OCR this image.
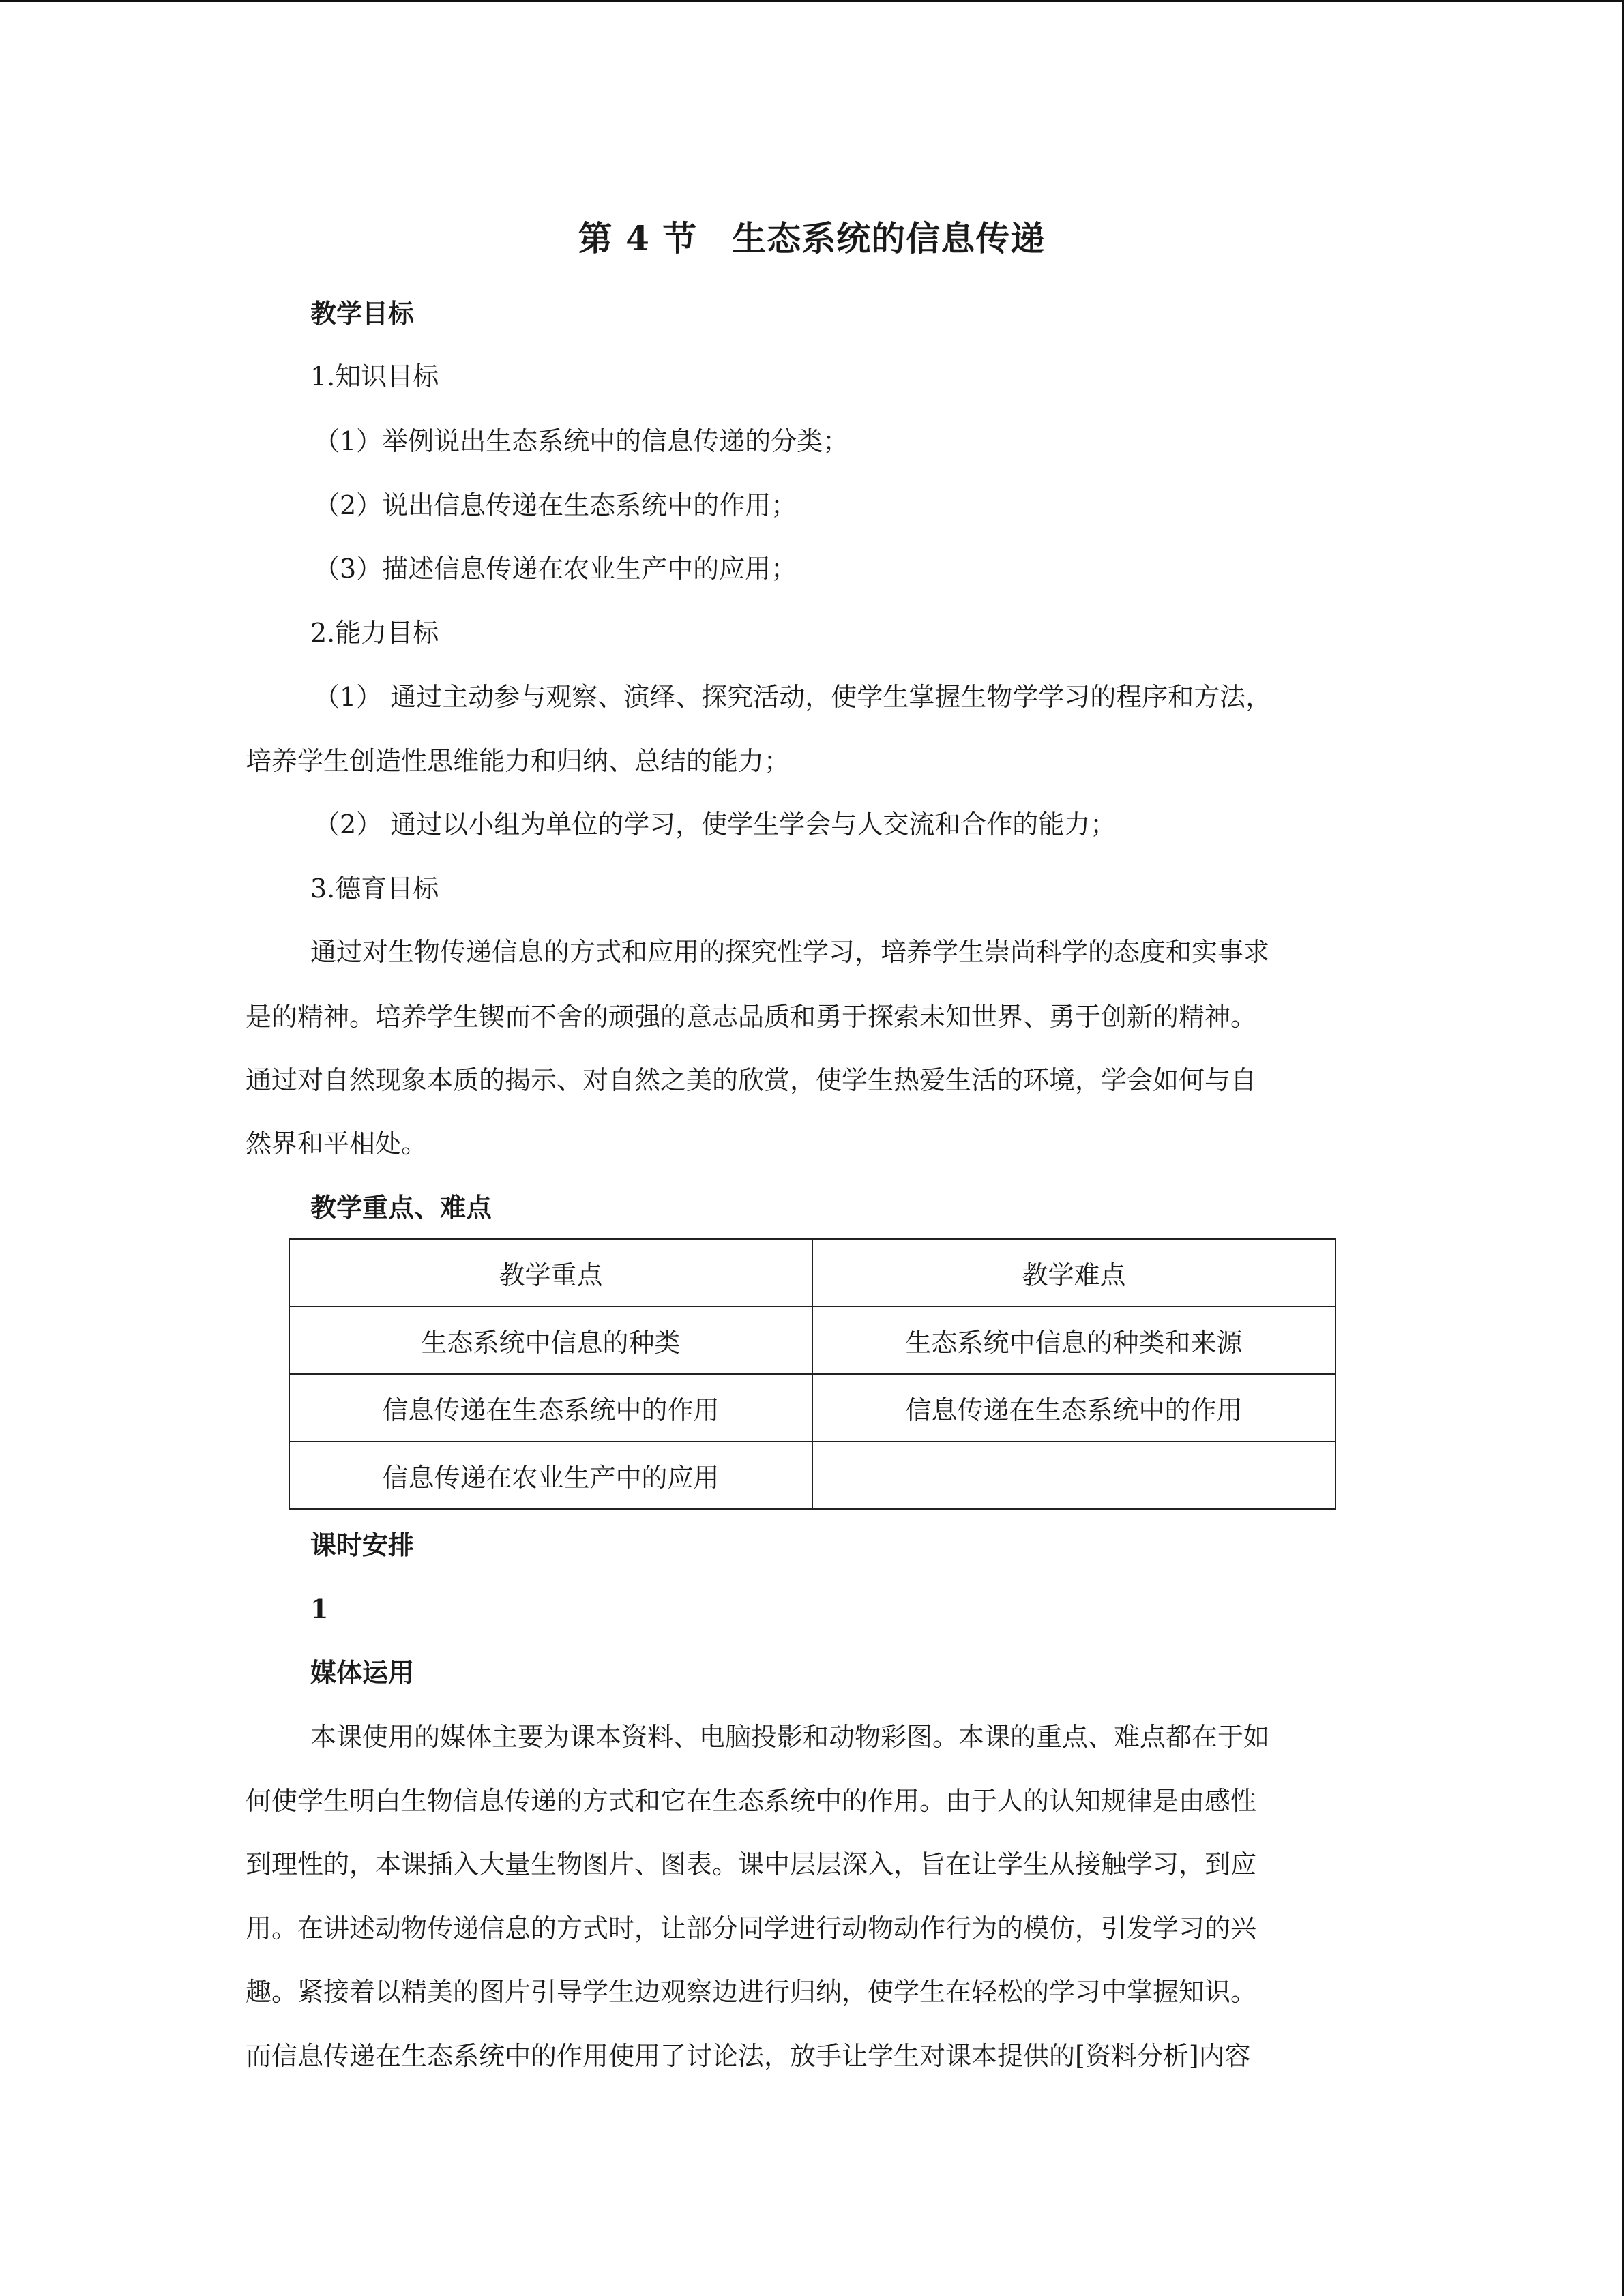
第 4 节　生态系统的信息传递
教学目标
1.知识目标
（1）举例说出生态系统中的信息传递的分类；
（2）说出信息传递在生态系统中的作用；
（3）描述信息传递在农业生产中的应用；
2.能力目标
（1） 通过主动参与观察、演绎、探究活动，使学生掌握生物学学习的程序和方法，
培养学生创造性思维能力和归纳、总结的能力；
（2） 通过以小组为单位的学习，使学生学会与人交流和合作的能力；
3.德育目标
通过对生物传递信息的方式和应用的探究性学习，培养学生崇尚科学的态度和实事求
是的精神。培养学生锲而不舍的顽强的意志品质和勇于探索未知世界、勇于创新的精神。
通过对自然现象本质的揭示、对自然之美的欣赏，使学生热爱生活的环境，学会如何与自
然界和平相处。
教学重点、难点
教学重点	教学难点
生态系统中信息的种类	生态系统中信息的种类和来源
信息传递在生态系统中的作用	信息传递在生态系统中的作用
信息传递在农业生产中的应用	
课时安排
1
媒体运用
本课使用的媒体主要为课本资料、电脑投影和动物彩图。本课的重点、难点都在于如
何使学生明白生物信息传递的方式和它在生态系统中的作用。由于人的认知规律是由感性
到理性的，本课插入大量生物图片、图表。课中层层深入，旨在让学生从接触学习，到应
用。在讲述动物传递信息的方式时，让部分同学进行动物动作行为的模仿，引发学习的兴
趣。紧接着以精美的图片引导学生边观察边进行归纳，使学生在轻松的学习中掌握知识。
而信息传递在生态系统中的作用使用了讨论法，放手让学生对课本提供的[资料分析]内容
